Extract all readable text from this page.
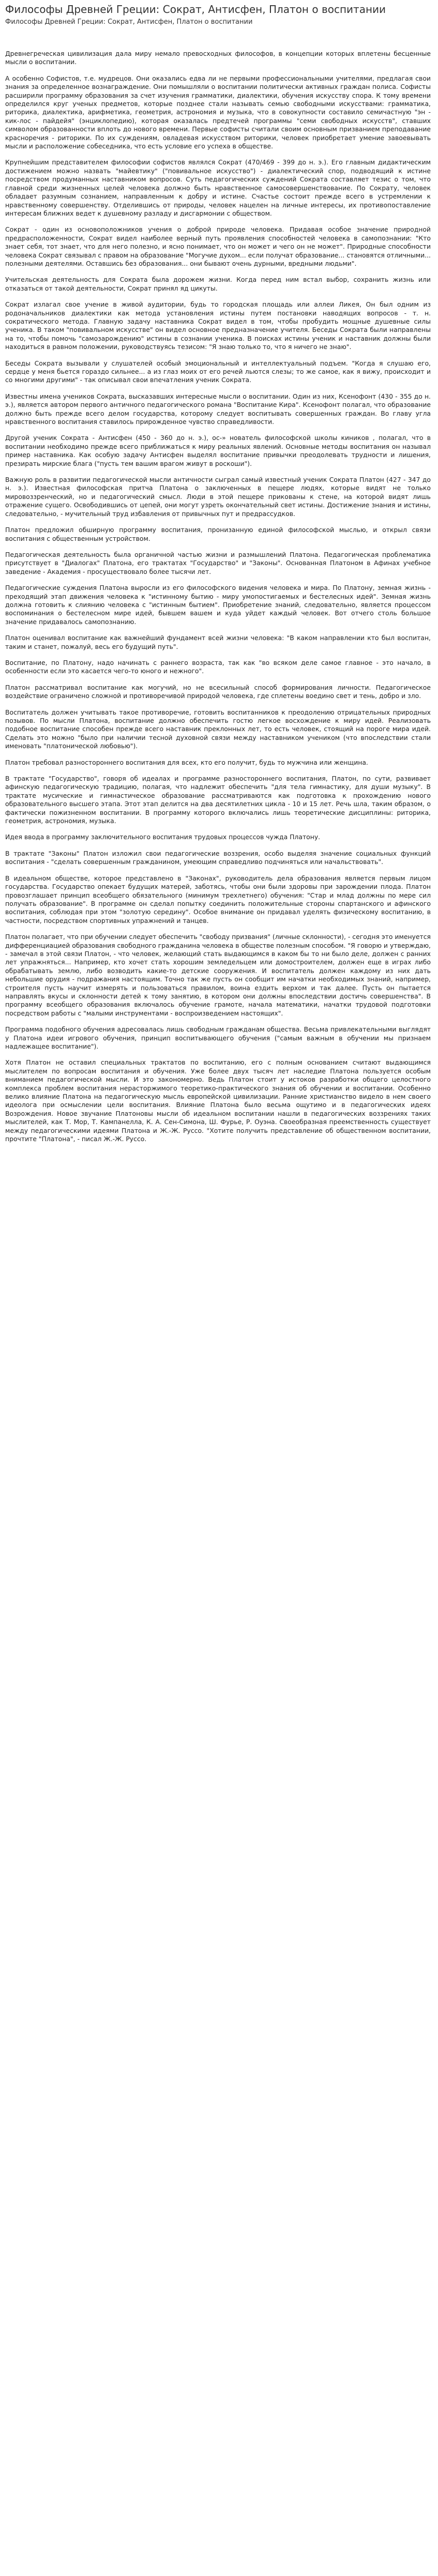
Философы Древней Греции: Сократ, Антисфен, Платон о воспитании
Философы Древней Греции: Сократ, Антисфен, Платон о воспитании

Древнегреческая цивилизация дала миру немало превосходных философов, в концепции которых вплетены бесценные мысли о воспитании.

А особенно Софистов, т.е. мудрецов. Они оказались едва ли не первыми профессиональными учителями, предлагая свои знания за определенное вознаграждение. Они помышляли о воспитании политически активных граждан полиса. Софисты расширили программу образования за счет изучения грамматики, диалектики, обучения искусству спора. К тому времени определился круг ученых предметов, которые позднее стали называть семью свободными искусствами: грамматика, риторика, диалектика, арифметика, геометрия, астрономия и музыка, что в совокупности составило семичастную "эн - кик-лос - пайдейя" (энциклопедию), которая оказалась предтечей программы "семи свободных искусств", ставших символом образованности вплоть до нового времени. Первые софисты считали своим основным призванием преподавание красноречия - риторики. По их суждениям, овладевая искусством риторики, человек приобретает умение завоевывать мысли и расположение собеседника, что есть условие его успеха в обществе.

Крупнейшим представителем философии софистов являлся Сократ (470/469 - 399 до н. э.). Его главным дидактическим достижением можно назвать "майевтику" ("повивальное искусство") - диалектический спор, подводящий к истине посредством продуманных наставником вопросов. Суть педагогических суждений Сократа составляет тезис о том, что главной среди жизненных целей человека должно быть нравственное самосовершенствование. По Сократу, человек обладает разумным сознанием, направленным к добру и истине. Счастье состоит прежде всего в устремлении к нравственному совершенству. Отделившись от природы, человек нацелен на личные интересы, их противопоставление интересам ближних ведет к душевному разладу и дисгармонии с обществом.

Сократ - один из основоположников учения о доброй природе человека. Придавая особое значение природной предрасположенности, Сократ видел наиболее верный путь проявления способностей человека в самопознании: "Кто знает себя, тот знает, что для него полезно, и ясно понимает, что он может и чего он не может". Природные способности человека Сократ связывал с правом на образование "Могучие духом... если получат образование... становятся отличными... полезными деятелями. Оставшись без образования... они бывают очень дурными, вредными людьми".

Учительская деятельность для Сократа была дорожем жизни. Когда перед ним встал выбор, сохранить жизнь или отказаться от такой деятельности, Сократ принял яд цикуты.

Сократ излагал свое учение в живой аудитории, будь то городская площадь или аллеи Ликея, Он был одним из родоначальников диалектики как метода установления истины путем постановки наводящих вопросов - т. н. сократического метода. Главную задачу наставника Сократ видел в том, чтобы пробудить мощные душевные силы ученика. В таком "повивальном искусстве" он видел основное предназначение учителя. Беседы Сократа были направлены на то, чтобы помочь "самозарождению" истины в сознании ученика. В поисках истины ученик и наставник должны были находиться в равном положении, руководствуясь тезисом: "Я знаю только то, что я ничего не знаю".

Беседы Сократа вызывали у слушателей особый эмоциональный и интеллектуальный подъем. "Когда я слушаю его, сердце у меня бьется гораздо сильнее... а из глаз моих от его речей льются слезы; то же самое, как я вижу, происходит и со многими другими" - так описывал свои впечатления ученик Сократа.

Известны имена учеников Сократа, высказавших интересные мысли о воспитании. Один из них, Ксенофонт (430 - 355 до н. э.), является автором первого античного педагогического романа "Воспитание Кира". Ксенофонт полагал, что образование должно быть прежде всего делом государства, которому следует воспитывать совершенных граждан. Во главу угла нравственного воспитания ставилось прирожденное чувство справедливости.

Другой ученик Сократа - Антисфен (450 - 360 до н. э.), ос-» нователь философской школы киников , полагал, что в воспитании необходимо прежде всего приближаться к миру реальных явлений. Основные методы воспитания он называл пример наставника. Как особую задачу Антисфен выделял воспитание привычки преодолевать трудности и лишения, презирать мирские блага ("пусть тем вашим врагом живут в роскоши").

Важную роль в развитии педагогической мысли античности сыграл самый известный ученик Сократа Платон (427 - 347 до н. э.). Известная философская притча Платона о заключенных в пещере людях, которые видят не только мировоззренческий, но и педагогический смысл. Люди в этой пещере прикованы к стене, на которой видят лишь отражение сущего. Освободившись от цепей, они могут узреть окончательный свет истины. Достижение знания и истины, следовательно, - мучительный труд избавления от привычных пут и предрассудков.

Платон предложил обширную программу воспитания, пронизанную единой философской мыслью, и открыл связи воспитания с общественным устройством.

Педагогическая деятельность была органичной частью жизни и размышлений Платона. Педагогическая проблематика присутствует в "Диалогах" Платона, его трактатах "Государство" и "Законы". Основанная Платоном в Афинах учебное заведение - Академия - просуществовало более тысячи лет.

Педагогические суждения Платона выросли из его философского видения человека и мира. По Платону, земная жизнь - преходящий этап движения человека к "истинному бытию - миру умопостигаемых и бестелесных идей". Земная жизнь должна готовить к слиянию человека с "истинным бытием". Приобретение знаний, следовательно, является процессом воспоминания о бестелесном мире идей, бывшем вашем и куда уйдет каждый человек. Вот отчего столь большое значение придавалось самопознанию.

Платон оценивал воспитание как важнейший фундамент всей жизни человека: "В каком направлении кто был воспитан, таким и станет, пожалуй, весь его будущий путь".

Воспитание, по Платону, надо начинать с раннего возраста, так как "во всяком деле самое главное - это начало, в особенности если это касается чего-то юного и нежного".

Платон рассматривал воспитание как могучий, но не всесильный способ формирования личности. Педагогическое воздействие ограничено сложной и противоречивой природой человека, где сплетены воедино свет и тень, добро и зло.

Воспитатель должен учитывать такое противоречие, готовить воспитанников к преодолению отрицательных природных позывов. По мысли Платона, воспитание должно обеспечить гостю легкое восхождение к миру идей. Реализовать подобное воспитание способен прежде всего наставник преклонных лет, то есть человек, стоящий на пороге мира идей. Сделать это можно "было при наличии тесной духовной связи между наставником учеником (что впоследствии стали именовать "платонической любовью").

Платон требовал разностороннего воспитания для всех, кто его получит, будь то мужчина или женщина.

В трактате "Государство", говоря об идеалах и программе разностороннего воспитания, Платон, по сути, развивает афинскую педагогическую традицию, полагая, что надлежит обеспечить "для тела гимнастику, для души музыку". В трактате мусические и гимнастическое образование рассматриваются как подготовка к прохождению нового образовательного высшего этапа. Этот этап делится на два десятилетних цикла - 10 и 15 лет. Речь шла, таким образом, о фактически пожизненном воспитании. В программу которого включались лишь теоретические дисциплины: риторика, геометрия, астрономия, музыка.

Идея ввода в программу заключительного воспитания трудовых процессов чужда Платону.

В трактате "Законы" Платон изложил свои педагогические воззрения, особо выделяя значение социальных функций воспитания - "сделать совершенным гражданином, умеющим справедливо подчиняться или начальствовать".

В идеальном обществе, которое представлено в "Законах", руководитель дела образования является первым лицом государства. Государство опекает будущих матерей, заботясь, чтобы они были здоровы при зарождении плода. Платон провозглашает принцип всеобщего обязательного (минимум трехлетнего) обучения: "Стар и млад должны по мере сил получать образование". В программе он сделал попытку соединить положительные стороны спартанского и афинского воспитания, соблюдая при этом "золотую середину". Особое внимание он придавал уделять физическому воспитанию, в частности, посредством спортивных упражнений и танцев.

Платон полагает, что при обучении следует обеспечить "свободу призвания" (личные склонности), - сегодня это именуется дифференциацией образования свободного гражданина человека в обществе полезным способом. "Я говорю и утверждаю, - замечал в этой связи Платон, - что человек, желающий стать выдающимся в каком бы то ни было деле, должен с ранних лет упражняться... Например, кто хочет стать хорошим земледельцем или домостроителем, должен еще в играх либо обрабатывать землю, либо возводить какие-то детские сооружения. И воспитатель должен каждому из них дать небольшие орудия - подражания настоящим. Точно так же пусть он сообщит им начатки необходимых знаний, например, строителя пусть научит измерять и пользоваться правилом, воина ездить верхом и так далее. Пусть он пытается направлять вкусы и склонности детей к тому занятию, в котором они должны впоследствии достичь совершенства". В программу всеобщего образования включалось обучение грамоте, начала математики, начатки трудовой подготовки посредством работы с "малыми инструментами - воспроизведением настоящих".

Программа подобного обучения адресовалась лишь свободным гражданам общества. Весьма привлекательными выглядят у Платона идеи игрового обучения, принцип воспитывающего обучения ("самым важным в обучении мы признаем надлежащее воспитание").

Хотя Платон не оставил специальных трактатов по воспитанию, его с полным основанием считают выдающимся мыслителем по вопросам воспитания и обучения. Уже более двух тысяч лет наследие Платона пользуется особым вниманием педагогической мысли. И это закономерно. Ведь Платон стоит у истоков разработки общего целостного комплекса проблем воспитания нерасторжимого теоретико-практического знания об обучении и воспитании. Особенно велико влияние Платона на педагогическую мысль европейской цивилизации. Ранние христианство видело в нем своего идеолога при осмыслении цели воспитания. Влияние Платона было весьма ощутимо и в педагогических идеях Возрождения. Новое звучание Платоновы мысли об идеальном воспитании нашли в педагогических воззрениях таких мыслителей, как Т. Мор, Т. Кампанелла, К. А. Сен-Симона, Ш. Фурье, Р. Оуэна. Своеобразная преемственность существует между педагогическими идеями Платона и Ж.-Ж. Руссо. "Хотите получить представление об общественном воспитании, прочтите "Платона", - писал Ж.-Ж. Руссо.
